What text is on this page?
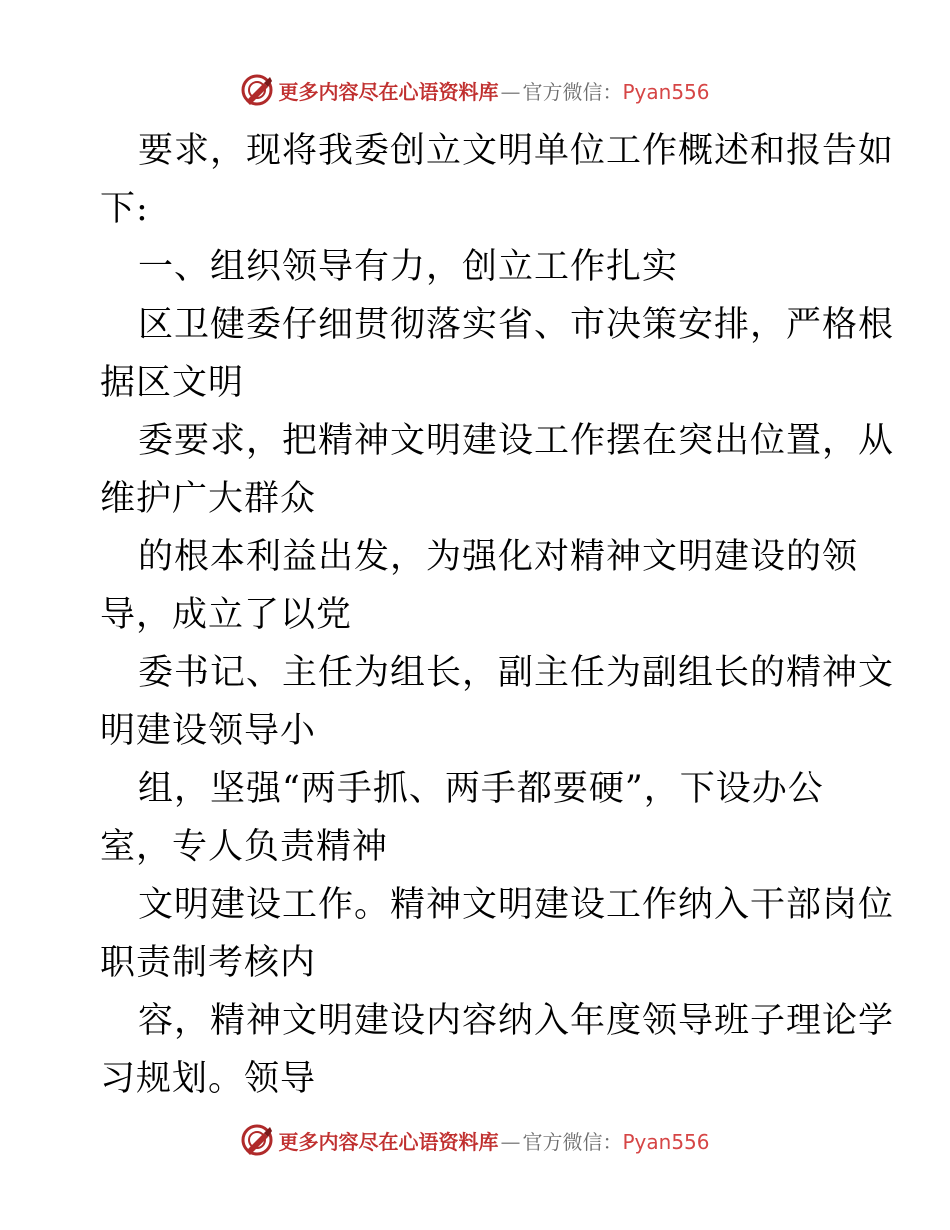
更多内容尽在心语资料库 — 官方微信：Pyan556
要求，现将我委创立文明单位工作概述和报告如
下:
一、组织领导有力，创立工作扎实
区卫健委仔细贯彻落实省、市决策安排，严格根
据区文明
委要求，把精神文明建设工作摆在突出位置，从
维护广大群众
的根本利益出发，为强化对精神文明建设的领
导，成立了以党
委书记、主任为组长，副主任为副组长的精神文
明建设领导小
组，坚强“两手抓、两手都要硬”，下设办公
室，专人负责精神
文明建设工作。精神文明建设工作纳入干部岗位
职责制考核内
容，精神文明建设内容纳入年度领导班子理论学
习规划。领导
更多内容尽在心语资料库 — 官方微信：Pyan556
